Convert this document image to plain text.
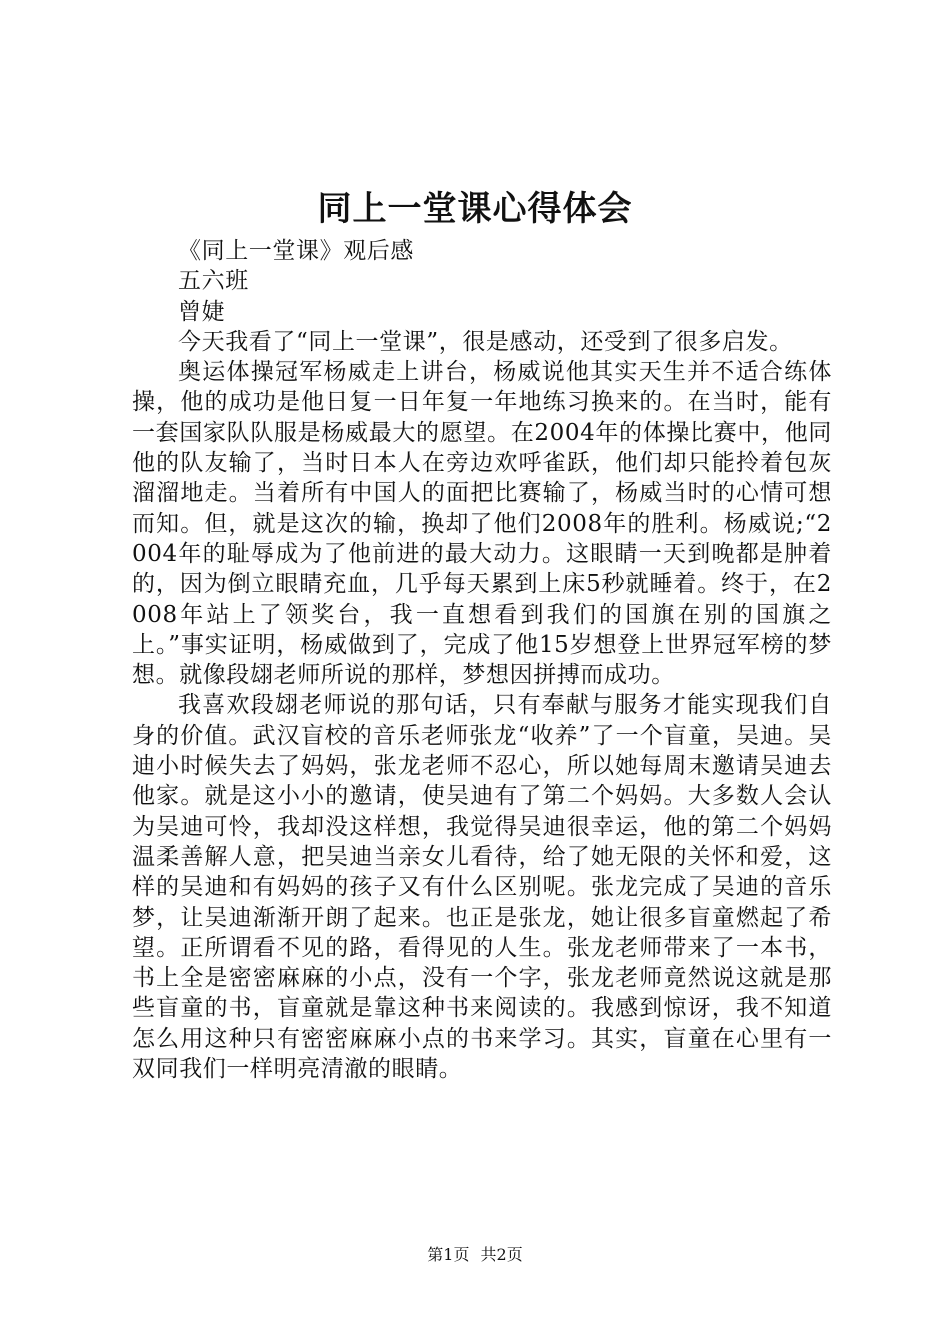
同上一堂课心得体会

《同上一堂课》观后感

五六班

曾婕

今天我看了“同上一堂课”，很是感动，还受到了很多启发。

奥运体操冠军杨威走上讲台，杨威说他其实天生并不适合练体操，他的成功是他日复一日年复一年地练习换来的。在当时，能有一套国家队队服是杨威最大的愿望。在2004年的体操比赛中，他同他的队友输了，当时日本人在旁边欢呼雀跃，他们却只能拎着包灰溜溜地走。当着所有中国人的面把比赛输了，杨威当时的心情可想而知。但，就是这次的输，换却了他们2008年的胜利。杨威说;“2004年的耻辱成为了他前进的最大动力。这眼睛一天到晚都是肿着的，因为倒立眼睛充血，几乎每天累到上床5秒就睡着。终于，在2008年站上了领奖台，我一直想看到我们的国旗在别的国旗之上。”事实证明，杨威做到了，完成了他15岁想登上世界冠军榜的梦想。就像段翃老师所说的那样，梦想因拼搏而成功。

我喜欢段翃老师说的那句话，只有奉献与服务才能实现我们自身的价值。武汉盲校的音乐老师张龙“收养”了一个盲童，吴迪。吴迪小时候失去了妈妈，张龙老师不忍心，所以她每周末邀请吴迪去他家。就是这小小的邀请，使吴迪有了第二个妈妈。大多数人会认为吴迪可怜，我却没这样想，我觉得吴迪很幸运，他的第二个妈妈温柔善解人意，把吴迪当亲女儿看待，给了她无限的关怀和爱，这样的吴迪和有妈妈的孩子又有什么区别呢。张龙完成了吴迪的音乐梦，让吴迪渐渐开朗了起来。也正是张龙，她让很多盲童燃起了希望。正所谓看不见的路，看得见的人生。张龙老师带来了一本书，书上全是密密麻麻的小点，没有一个字，张龙老师竟然说这就是那些盲童的书，盲童就是靠这种书来阅读的。我感到惊讶，我不知道怎么用这种只有密密麻麻小点的书来学习。其实，盲童在心里有一双同我们一样明亮清澈的眼睛。

第1页 共2页
